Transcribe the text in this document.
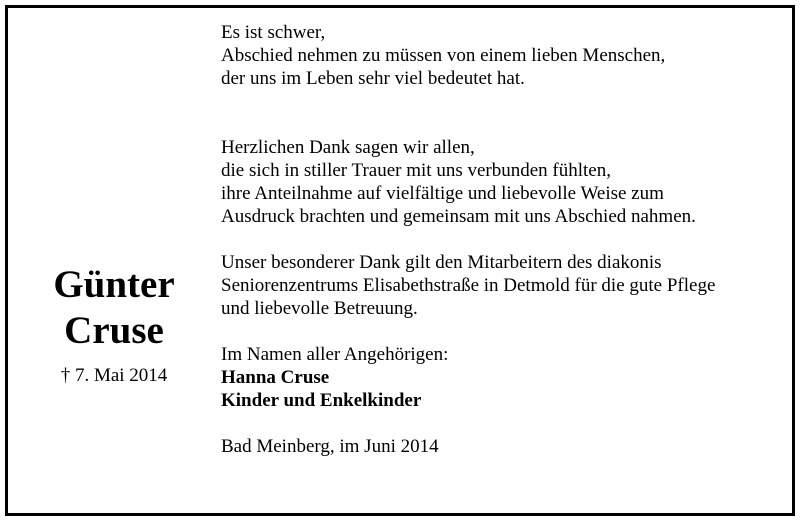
Günter
Cruse
† 7. Mai 2014
Es ist schwer,
Abschied nehmen zu müssen von einem lieben Menschen,
der uns im Leben sehr viel bedeutet hat.
Herzlichen Dank sagen wir allen,
die sich in stiller Trauer mit uns verbunden fühlten,
ihre Anteilnahme auf vielfältige und liebevolle Weise zum
Ausdruck brachten und gemeinsam mit uns Abschied nahmen.
Unser besonderer Dank gilt den Mitarbeitern des diakonis
Seniorenzentrums Elisabethstraße in Detmold für die gute Pflege
und liebevolle Betreuung.
Im Namen aller Angehörigen:
Hanna Cruse
Kinder und Enkelkinder
Bad Meinberg, im Juni 2014
